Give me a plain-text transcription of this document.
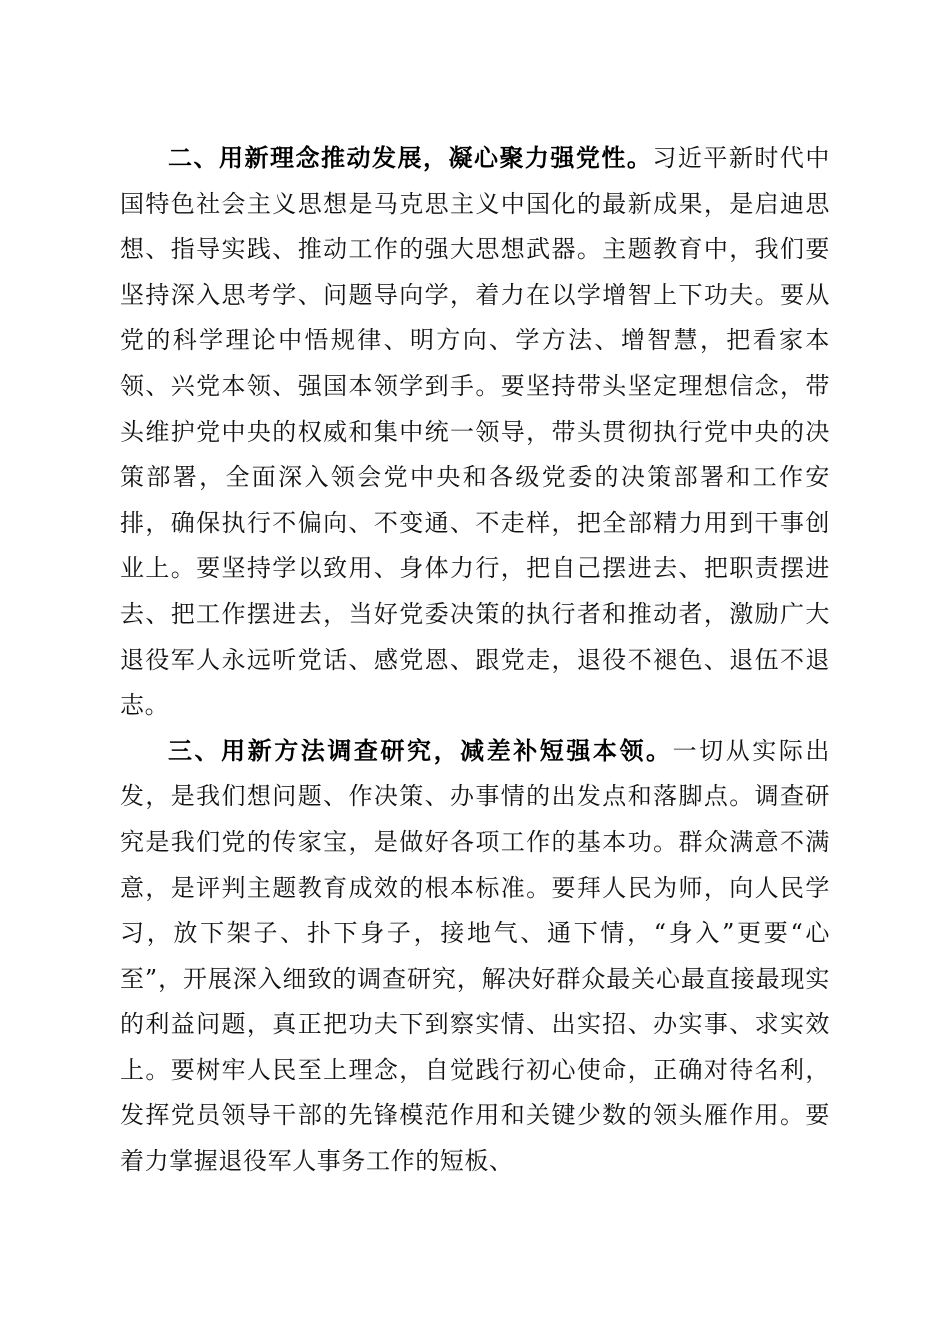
二、用新理念推动发展，凝心聚力强党性。习近平新时代中国特色社会主义思想是马克思主义中国化的最新成果，是启迪思想、指导实践、推动工作的强大思想武器。主题教育中，我们要坚持深入思考学、问题导向学，着力在以学增智上下功夫。要从党的科学理论中悟规律、明方向、学方法、增智慧，把看家本领、兴党本领、强国本领学到手。要坚持带头坚定理想信念，带头维护党中央的权威和集中统一领导，带头贯彻执行党中央的决策部署，全面深入领会党中央和各级党委的决策部署和工作安排，确保执行不偏向、不变通、不走样，把全部精力用到干事创业上。要坚持学以致用、身体力行，把自己摆进去、把职责摆进去、把工作摆进去，当好党委决策的执行者和推动者，激励广大退役军人永远听党话、感党恩、跟党走，退役不褪色、退伍不退志。

三、用新方法调查研究，减差补短强本领。一切从实际出发，是我们想问题、作决策、办事情的出发点和落脚点。调查研究是我们党的传家宝，是做好各项工作的基本功。群众满意不满意，是评判主题教育成效的根本标准。要拜人民为师，向人民学习，放下架子、扑下身子，接地气、通下情，“身入”更要“心至”，开展深入细致的调查研究，解决好群众最关心最直接最现实的利益问题，真正把功夫下到察实情、出实招、办实事、求实效上。要树牢人民至上理念，自觉践行初心使命，正确对待名利，发挥党员领导干部的先锋模范作用和关键少数的领头雁作用。要着力掌握退役军人事务工作的短板、
